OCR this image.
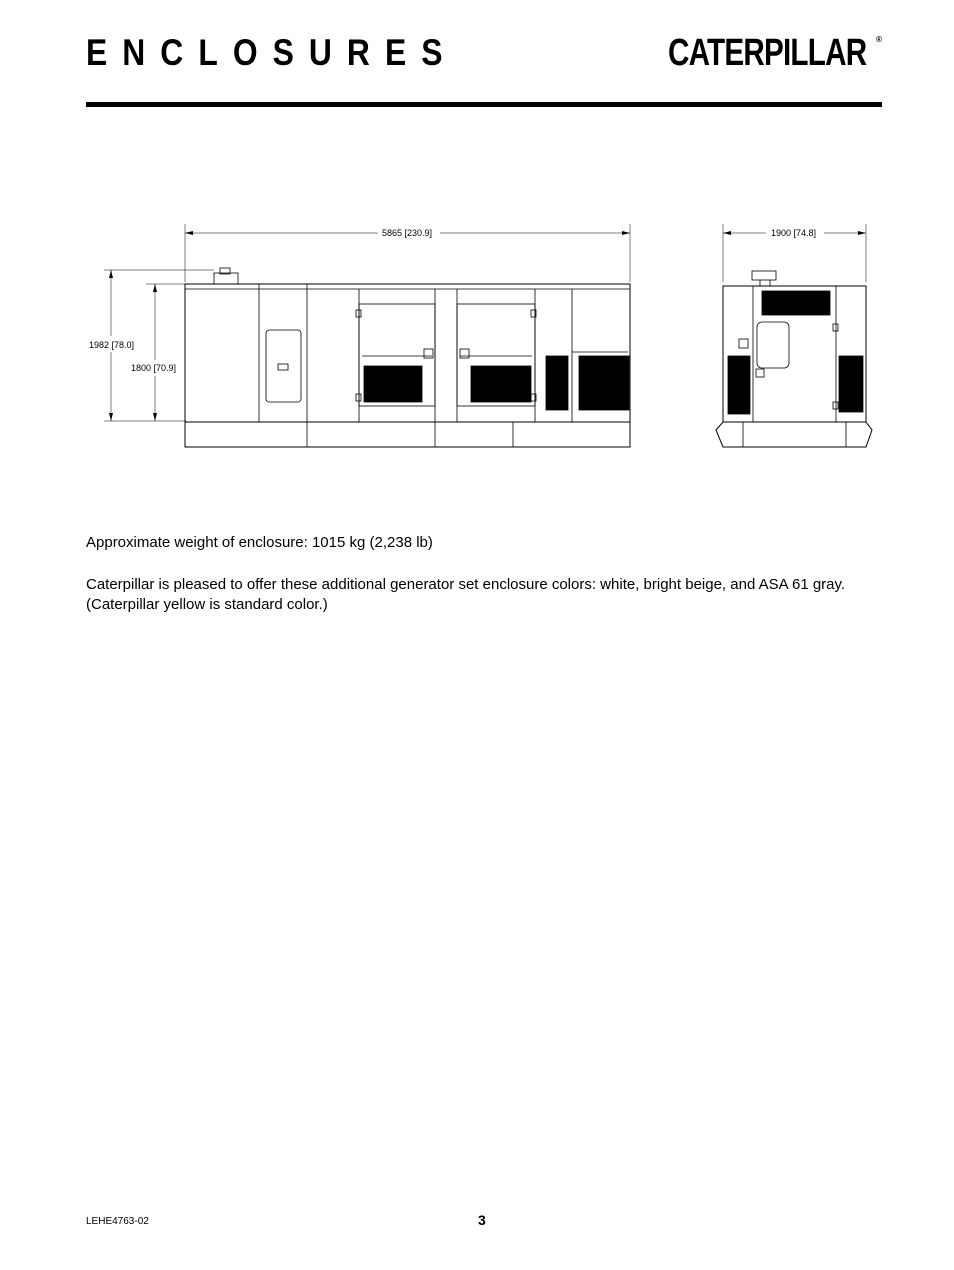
ENCLOSURES	CATERPILLAR ®
5865 [230.9]
1982 [78.0]
1800 [70.9]
1900 [74.8]

Approximate weight of enclosure: 1015 kg (2,238 lb)

Caterpillar is pleased to offer these additional generator set enclosure colors: white, bright beige, and ASA 61 gray. (Caterpillar yellow is standard color.)

LEHE4763-02	3
